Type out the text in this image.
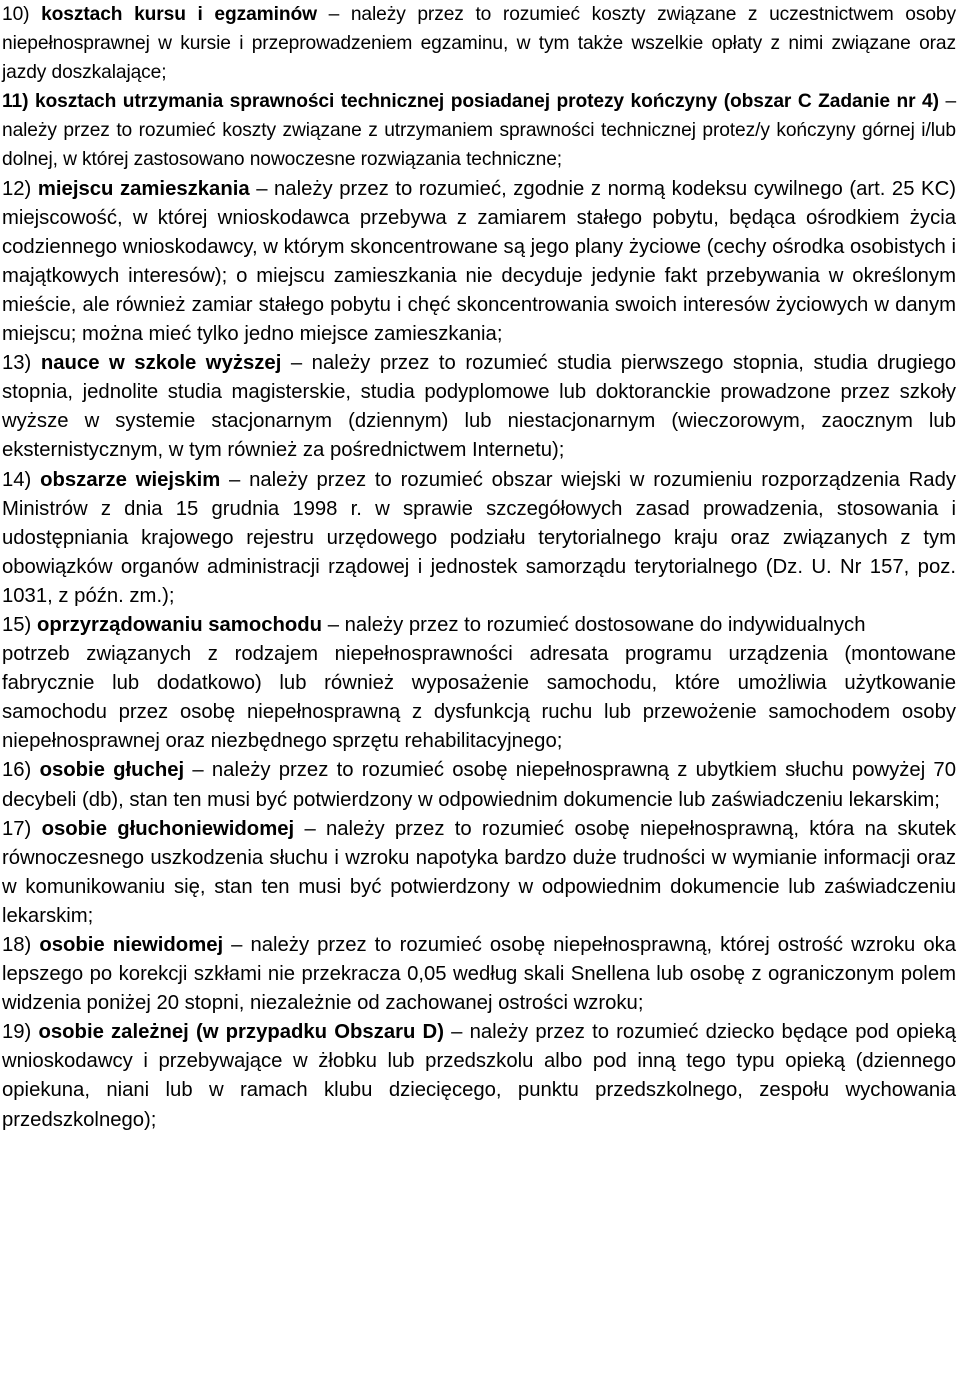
10) kosztach kursu i egzaminów – należy przez to rozumieć koszty związane z uczestnictwem osoby niepełnosprawnej w kursie i przeprowadzeniem egzaminu, w tym także wszelkie opłaty z nimi związane oraz jazdy doszkalające;

11) kosztach utrzymania sprawności technicznej posiadanej protezy kończyny (obszar C Zadanie nr 4) – należy przez to rozumieć koszty związane z utrzymaniem sprawności technicznej protez/y kończyny górnej i/lub dolnej, w której zastosowano nowoczesne rozwiązania techniczne;

12) miejscu zamieszkania – należy przez to rozumieć, zgodnie z normą kodeksu cywilnego (art. 25 KC) miejscowość, w której wnioskodawca przebywa z zamiarem stałego pobytu, będąca ośrodkiem życia codziennego wnioskodawcy, w którym skoncentrowane są jego plany życiowe (cechy ośrodka osobistych i majątkowych interesów); o miejscu zamieszkania nie decyduje jedynie fakt przebywania w określonym mieście, ale również zamiar stałego pobytu i chęć skoncentrowania swoich interesów życiowych w danym miejscu; można mieć tylko jedno miejsce zamieszkania;

13) nauce w szkole wyższej – należy przez to rozumieć studia pierwszego stopnia, studia drugiego stopnia, jednolite studia magisterskie, studia podyplomowe lub doktoranckie prowadzone przez szkoły wyższe w systemie stacjonarnym (dziennym) lub niestacjonarnym (wieczorowym, zaocznym lub eksternistycznym, w tym również za pośrednictwem Internetu);

14) obszarze wiejskim – należy przez to rozumieć obszar wiejski w rozumieniu rozporządzenia Rady Ministrów z dnia 15 grudnia 1998 r. w sprawie szczegółowych zasad prowadzenia, stosowania i udostępniania krajowego rejestru urzędowego podziału terytorialnego kraju oraz związanych z tym obowiązków organów administracji rządowej i jednostek samorządu terytorialnego (Dz. U. Nr 157, poz. 1031, z późn. zm.);

15) oprzyrządowaniu samochodu – należy przez to rozumieć dostosowane do indywidualnych

potrzeb związanych z rodzajem niepełnosprawności adresata programu urządzenia (montowane fabrycznie lub dodatkowo) lub również wyposażenie samochodu, które umożliwia użytkowanie samochodu przez osobę niepełnosprawną z dysfunkcją ruchu lub przewożenie samochodem osoby niepełnosprawnej oraz niezbędnego sprzętu rehabilitacyjnego;

16) osobie głuchej – należy przez to rozumieć osobę niepełnosprawną z ubytkiem słuchu powyżej 70 decybeli (db), stan ten musi być potwierdzony w odpowiednim dokumencie lub zaświadczeniu lekarskim;

17) osobie głuchoniewidomej – należy przez to rozumieć osobę niepełnosprawną, która na skutek równoczesnego uszkodzenia słuchu i wzroku napotyka bardzo duże trudności w wymianie informacji oraz w komunikowaniu się, stan ten musi być potwierdzony w odpowiednim dokumencie lub zaświadczeniu lekarskim;

18) osobie niewidomej – należy przez to rozumieć osobę niepełnosprawną, której ostrość wzroku oka lepszego po korekcji szkłami nie przekracza 0,05 według skali Snellena lub osobę z ograniczonym polem widzenia poniżej 20 stopni, niezależnie od zachowanej ostrości wzroku;

19) osobie zależnej (w przypadku Obszaru D) – należy przez to rozumieć dziecko będące pod opieką wnioskodawcy i przebywające w żłobku lub przedszkolu albo pod inną tego typu opieką (dziennego opiekuna, niani lub w ramach klubu dziecięcego, punktu przedszkolnego, zespołu wychowania przedszkolnego);
